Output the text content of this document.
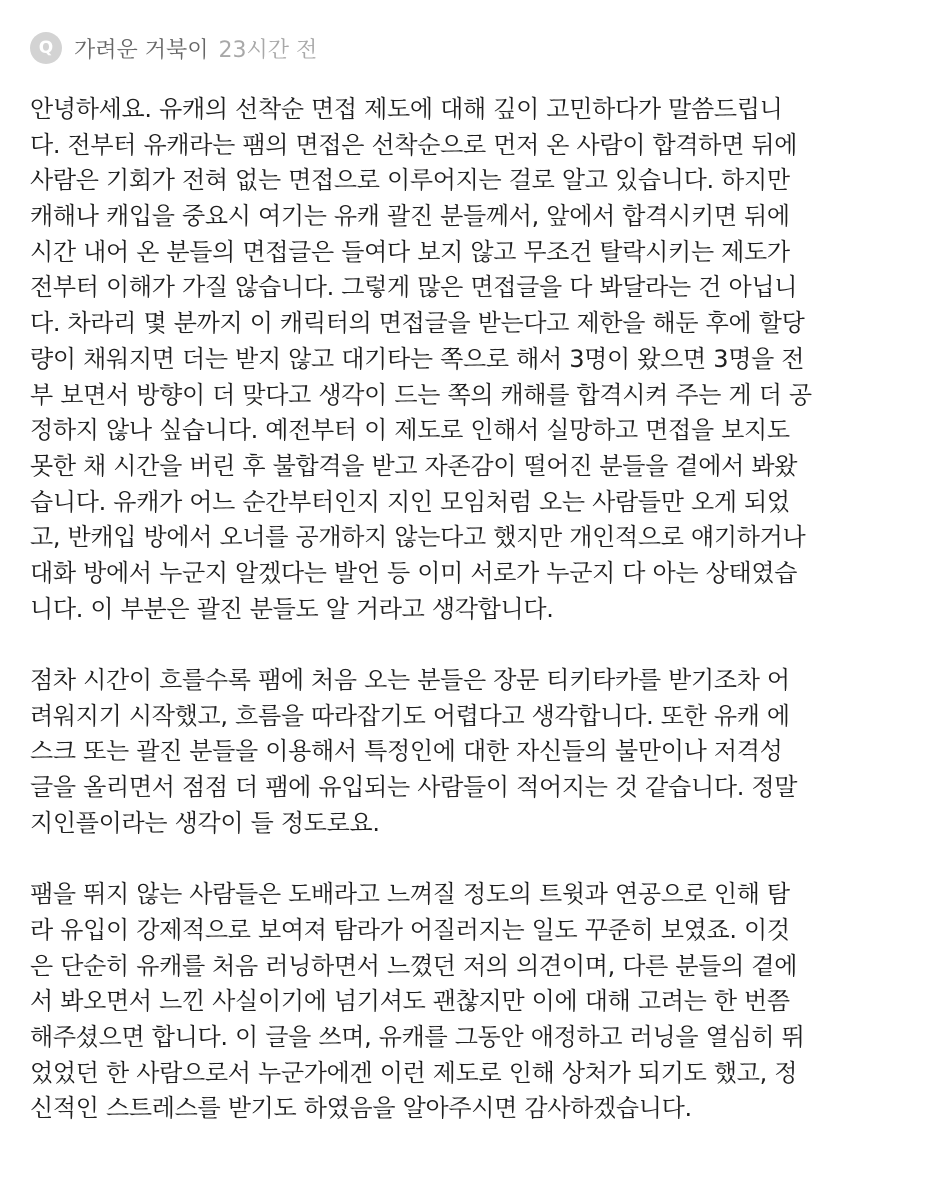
Q 가려운 거북이 23시간 전

안녕하세요. 유캐의 선착순 면접 제도에 대해 깊이 고민하다가 말씀드립니
다. 전부터 유캐라는 팸의 면접은 선착순으로 먼저 온 사람이 합격하면 뒤에
사람은 기회가 전혀 없는 면접으로 이루어지는 걸로 알고 있습니다. 하지만
캐해나 캐입을 중요시 여기는 유캐 괄진 분들께서, 앞에서 합격시키면 뒤에
시간 내어 온 분들의 면접글은 들여다 보지 않고 무조건 탈락시키는 제도가
전부터 이해가 가질 않습니다. 그렇게 많은 면접글을 다 봐달라는 건 아닙니
다. 차라리 몇 분까지 이 캐릭터의 면접글을 받는다고 제한을 해둔 후에 할당
량이 채워지면 더는 받지 않고 대기타는 쪽으로 해서 3명이 왔으면 3명을 전
부 보면서 방향이 더 맞다고 생각이 드는 쪽의 캐해를 합격시켜 주는 게 더 공
정하지 않나 싶습니다. 예전부터 이 제도로 인해서 실망하고 면접을 보지도
못한 채 시간을 버린 후 불합격을 받고 자존감이 떨어진 분들을 곁에서 봐왔
습니다. 유캐가 어느 순간부터인지 지인 모임처럼 오는 사람들만 오게 되었
고, 반캐입 방에서 오너를 공개하지 않는다고 했지만 개인적으로 얘기하거나
대화 방에서 누군지 알겠다는 발언 등 이미 서로가 누군지 다 아는 상태였습
니다. 이 부분은 괄진 분들도 알 거라고 생각합니다.

점차 시간이 흐를수록 팸에 처음 오는 분들은 장문 티키타카를 받기조차 어
려워지기 시작했고, 흐름을 따라잡기도 어렵다고 생각합니다. 또한 유캐 에
스크 또는 괄진 분들을 이용해서 특정인에 대한 자신들의 불만이나 저격성
글을 올리면서 점점 더 팸에 유입되는 사람들이 적어지는 것 같습니다. 정말
지인플이라는 생각이 들 정도로요.

팸을 뛰지 않는 사람들은 도배라고 느껴질 정도의 트윗과 연공으로 인해 탐
라 유입이 강제적으로 보여져 탐라가 어질러지는 일도 꾸준히 보였죠. 이것
은 단순히 유캐를 처음 러닝하면서 느꼈던 저의 의견이며, 다른 분들의 곁에
서 봐오면서 느낀 사실이기에 넘기셔도 괜찮지만 이에 대해 고려는 한 번쯤
해주셨으면 합니다. 이 글을 쓰며, 유캐를 그동안 애정하고 러닝을 열심히 뛰
었었던 한 사람으로서 누군가에겐 이런 제도로 인해 상처가 되기도 했고, 정
신적인 스트레스를 받기도 하였음을 알아주시면 감사하겠습니다.
